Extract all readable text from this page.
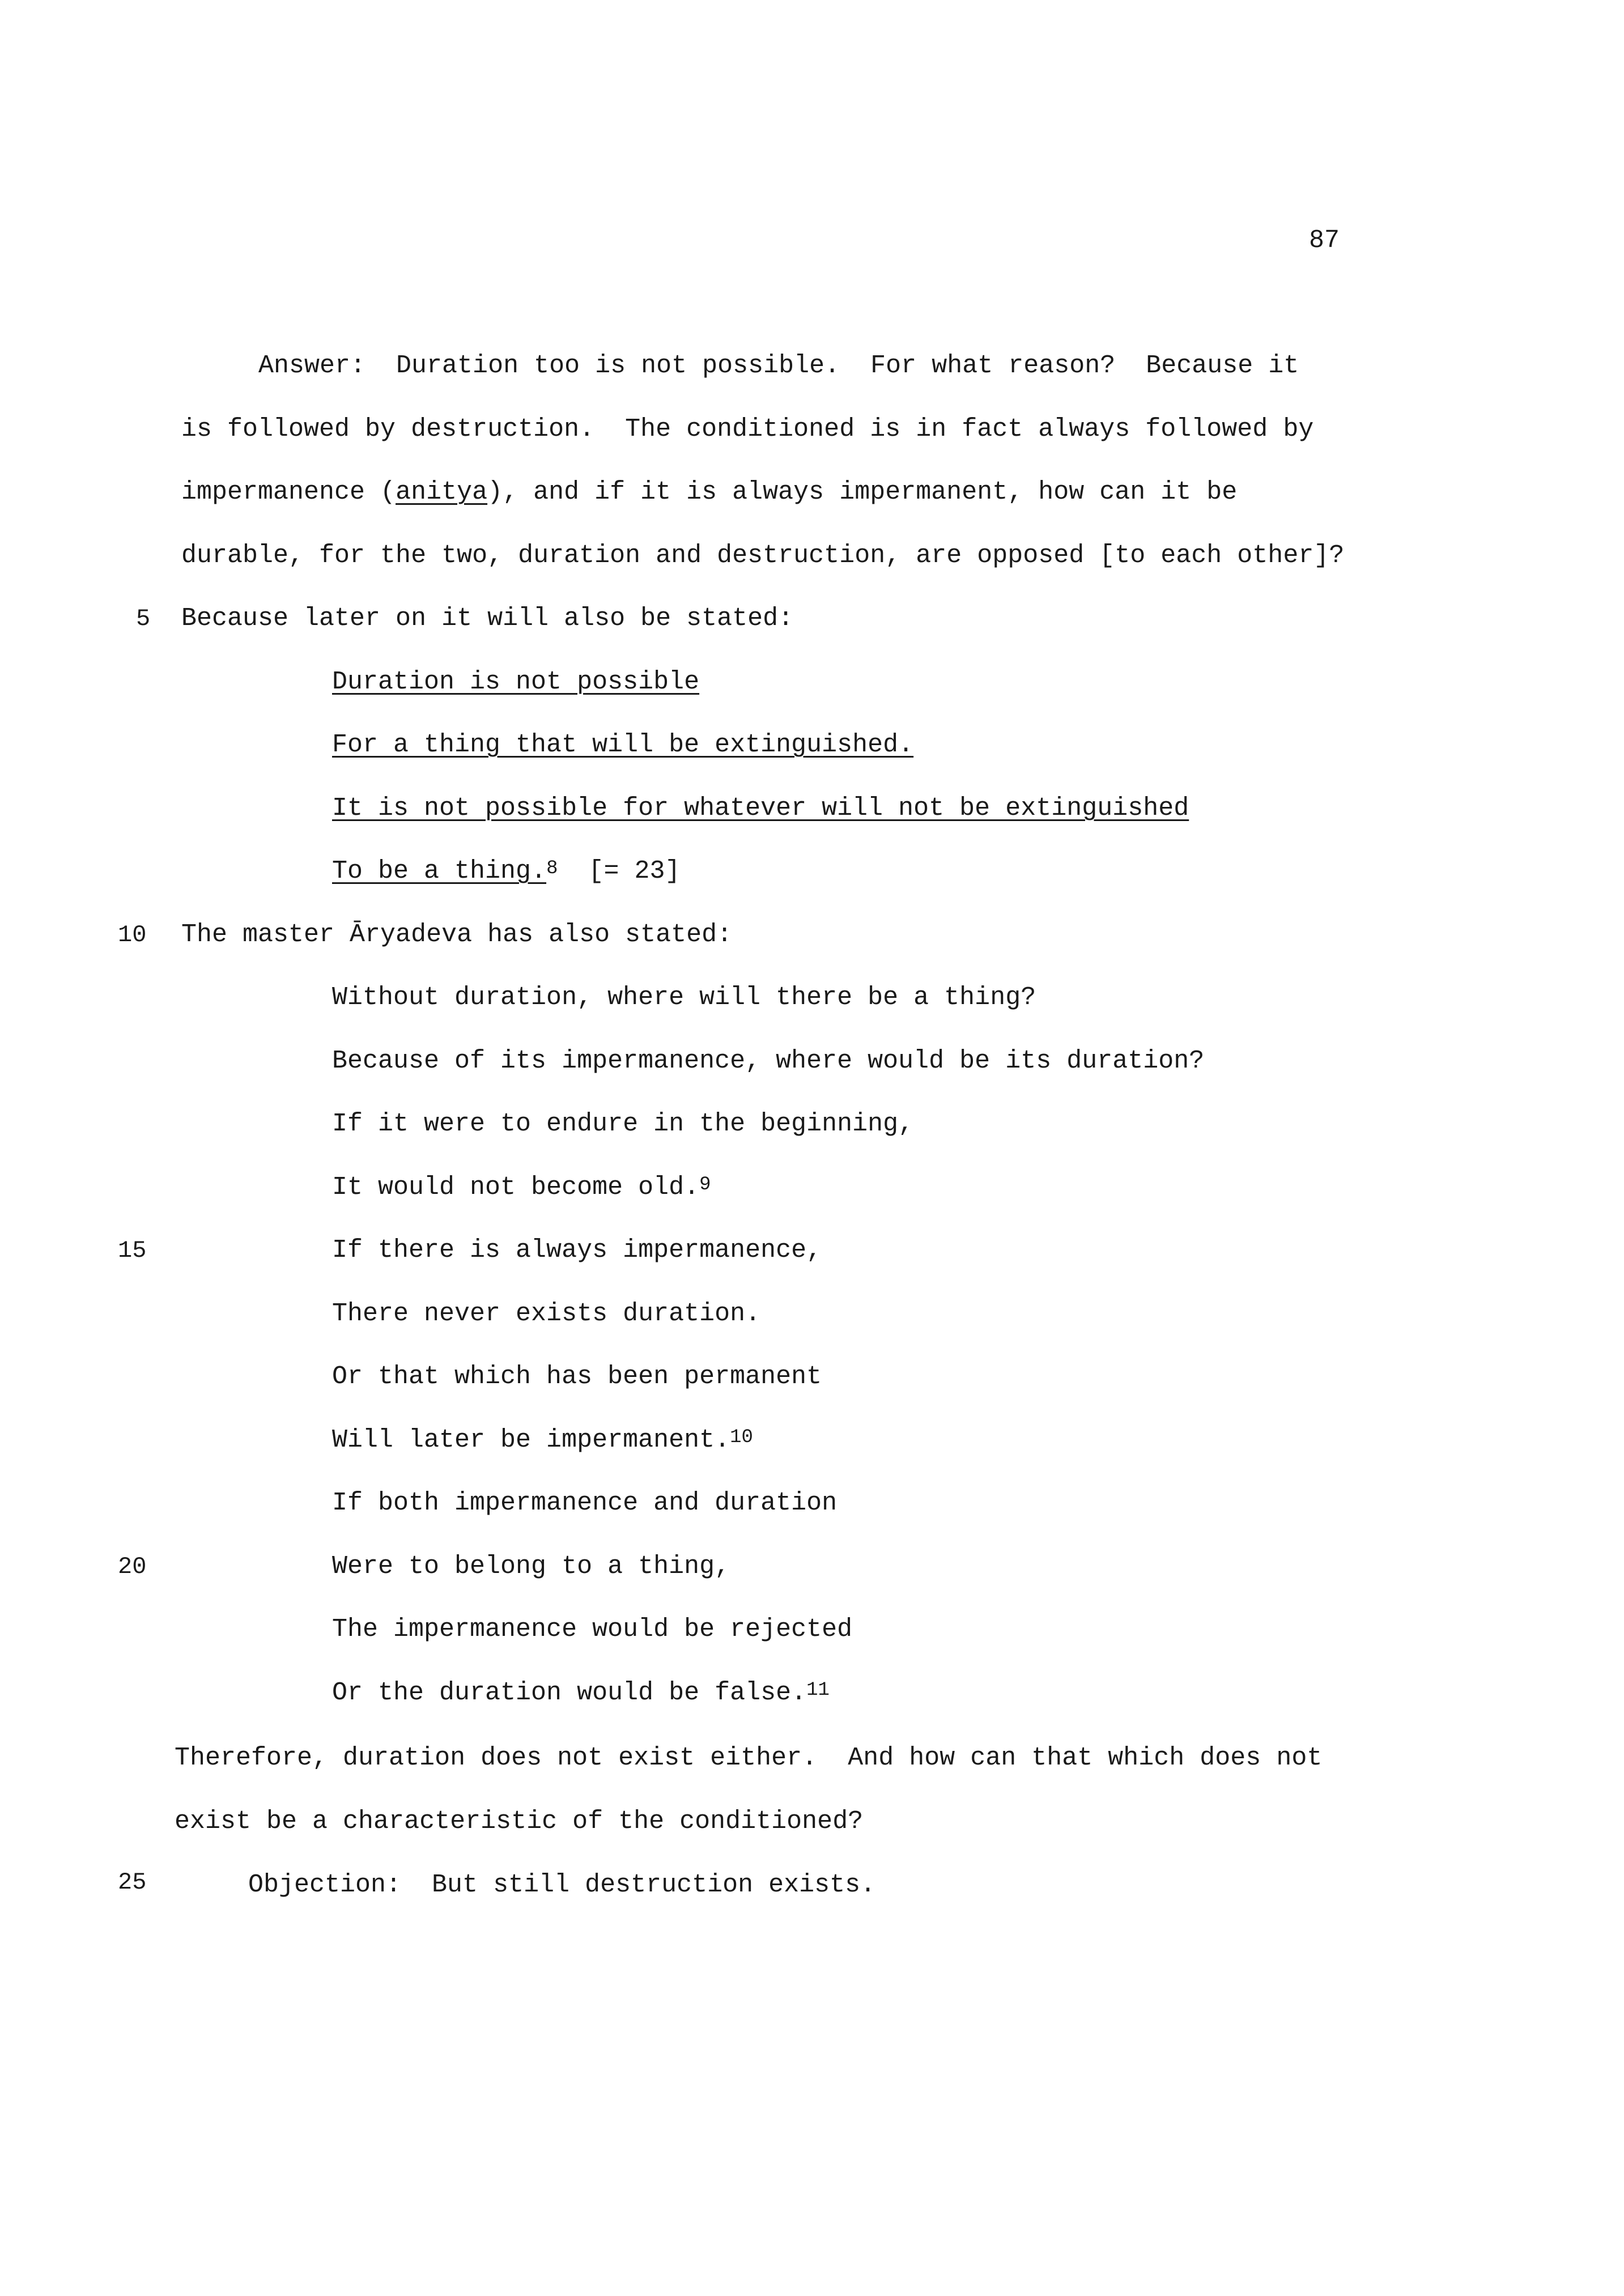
87
Answer:  Duration too is not possible.  For what reason?  Because it
is followed by destruction.  The conditioned is in fact always followed by
impermanence (anitya), and if it is always impermanent, how can it be
durable, for the two, duration and destruction, are opposed [to each other]?
5 Because later on it will also be stated:
Duration is not possible
For a thing that will be extinguished.
It is not possible for whatever will not be extinguished
To be a thing.$^8$ [= 23]
10 The master Āryadeva has also stated:
Without duration, where will there be a thing?
Because of its impermanence, where would be its duration?
If it were to endure in the beginning,
It would not become old.$^9$
15	If there is always impermanence,
There never exists duration.
Or that which has been permanent
Will later be impermanent.$^{10}$
If both impermanence and duration
20	Were to belong to a thing,
The impermanence would be rejected
Or the duration would be false.$^{11}$
Therefore, duration does not exist either.  And how can that which does not
exist be a characteristic of the conditioned?
25	Objection:  But still destruction exists.
